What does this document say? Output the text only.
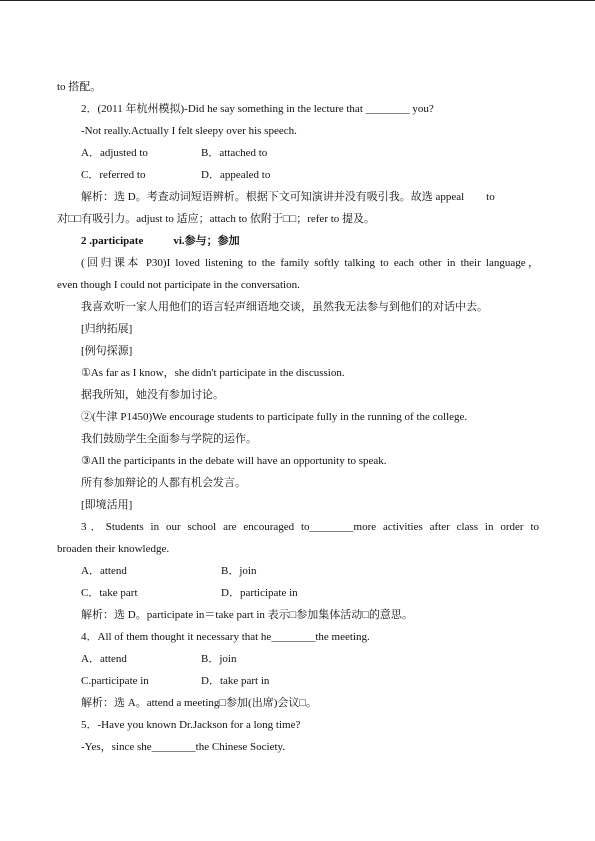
to 搭配。
2．(2011 年杭州模拟)-Did he say something in the lecture that ________ you?
-Not really.Actually I felt sleepy over his speech.
A．adjusted to	B．attached to
C．referred to	D．appealed to
解析：选 D。考查动词短语辨析。根据下文可知演讲并没有吸引我。故选 appeal　　to
对□□有吸引力。adjust to 适应；attach to 依附于□□；refer to 提及。
2 .participate	vi.参与；参加
(回归课本 P30)I loved listening to the family softly talking to each other in their language，
even though I could not participate in the conversation.
我喜欢听一家人用他们的语言轻声细语地交谈，虽然我无法参与到他们的对话中去。
[归纳拓展]
[例句探源]
①As far as I know，she didn't participate in the discussion.
据我所知，她没有参加讨论。
②(牛津 P1450)We encourage students to participate fully in the running of the college.
我们鼓励学生全面参与学院的运作。
③All the participants in the debate will have an opportunity to speak.
所有参加辩论的人都有机会发言。
[即境活用]
3．Students in our school are encouraged to________more activities after class in order to
broaden their knowledge.
A．attend	B．join
C．take part	D．participate in
解析：选 D。participate in＝take part in 表示□参加集体活动□的意思。
4．All of them thought it necessary that he________the meeting.
A．attend	B．join
C.participate in	D．take part in
解析：选 A。attend a meeting□参加(出席)会议□。
5．-Have you known Dr.Jackson for a long time?
-Yes，since she________the Chinese Society.
